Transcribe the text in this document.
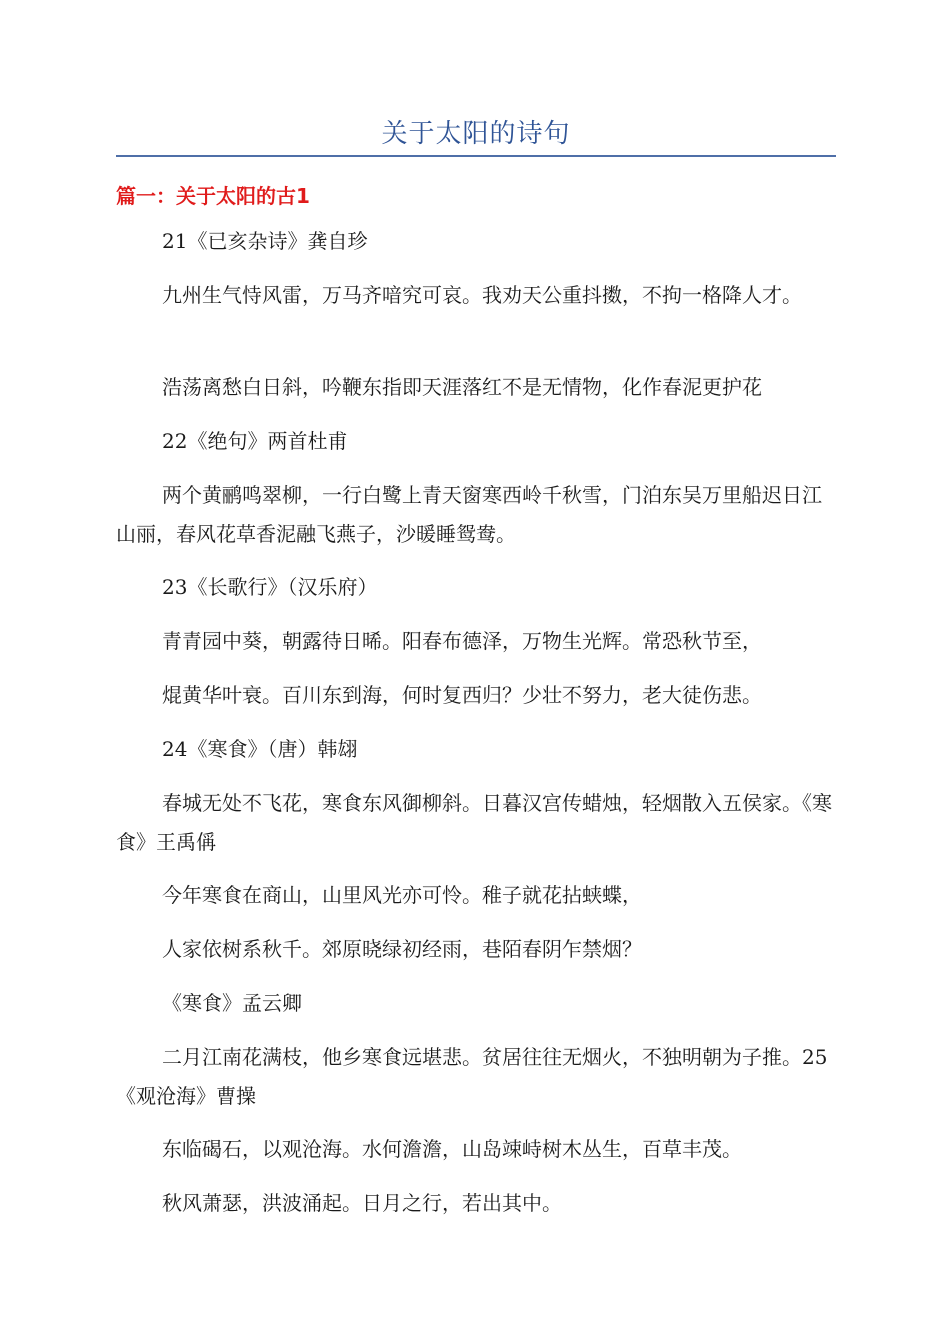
关于太阳的诗句
篇一：关于太阳的古1

21《已亥杂诗》龚自珍

九州生气恃风雷，万马齐喑究可哀。我劝天公重抖擞，不拘一格降人才。

浩荡离愁白日斜，吟鞭东指即天涯落红不是无情物，化作春泥更护花

22《绝句》两首杜甫

两个黄鹂鸣翠柳，一行白鹭上青天窗寒西岭千秋雪，门泊东吴万里船迟日江山丽，春风花草香泥融飞燕子，沙暖睡鸳鸯。

23《长歌行》（汉乐府）

青青园中葵，朝露待日晞。阳春布德泽，万物生光辉。常恐秋节至，

焜黄华叶衰。百川东到海，何时复西归？少壮不努力，老大徒伤悲。

24《寒食》（唐）韩翃

春城无处不飞花，寒食东风御柳斜。日暮汉宫传蜡烛，轻烟散入五侯家。《寒食》王禹偁

今年寒食在商山，山里风光亦可怜。稚子就花拈蛱蝶，

人家依树系秋千。郊原晓绿初经雨，巷陌春阴乍禁烟？

《寒食》孟云卿

二月江南花满枝，他乡寒食远堪悲。贫居往往无烟火，不独明朝为子推。25《观沧海》曹操

东临碣石，以观沧海。水何澹澹，山岛竦峙树木丛生，百草丰茂。

秋风萧瑟，洪波涌起。日月之行，若出其中。
